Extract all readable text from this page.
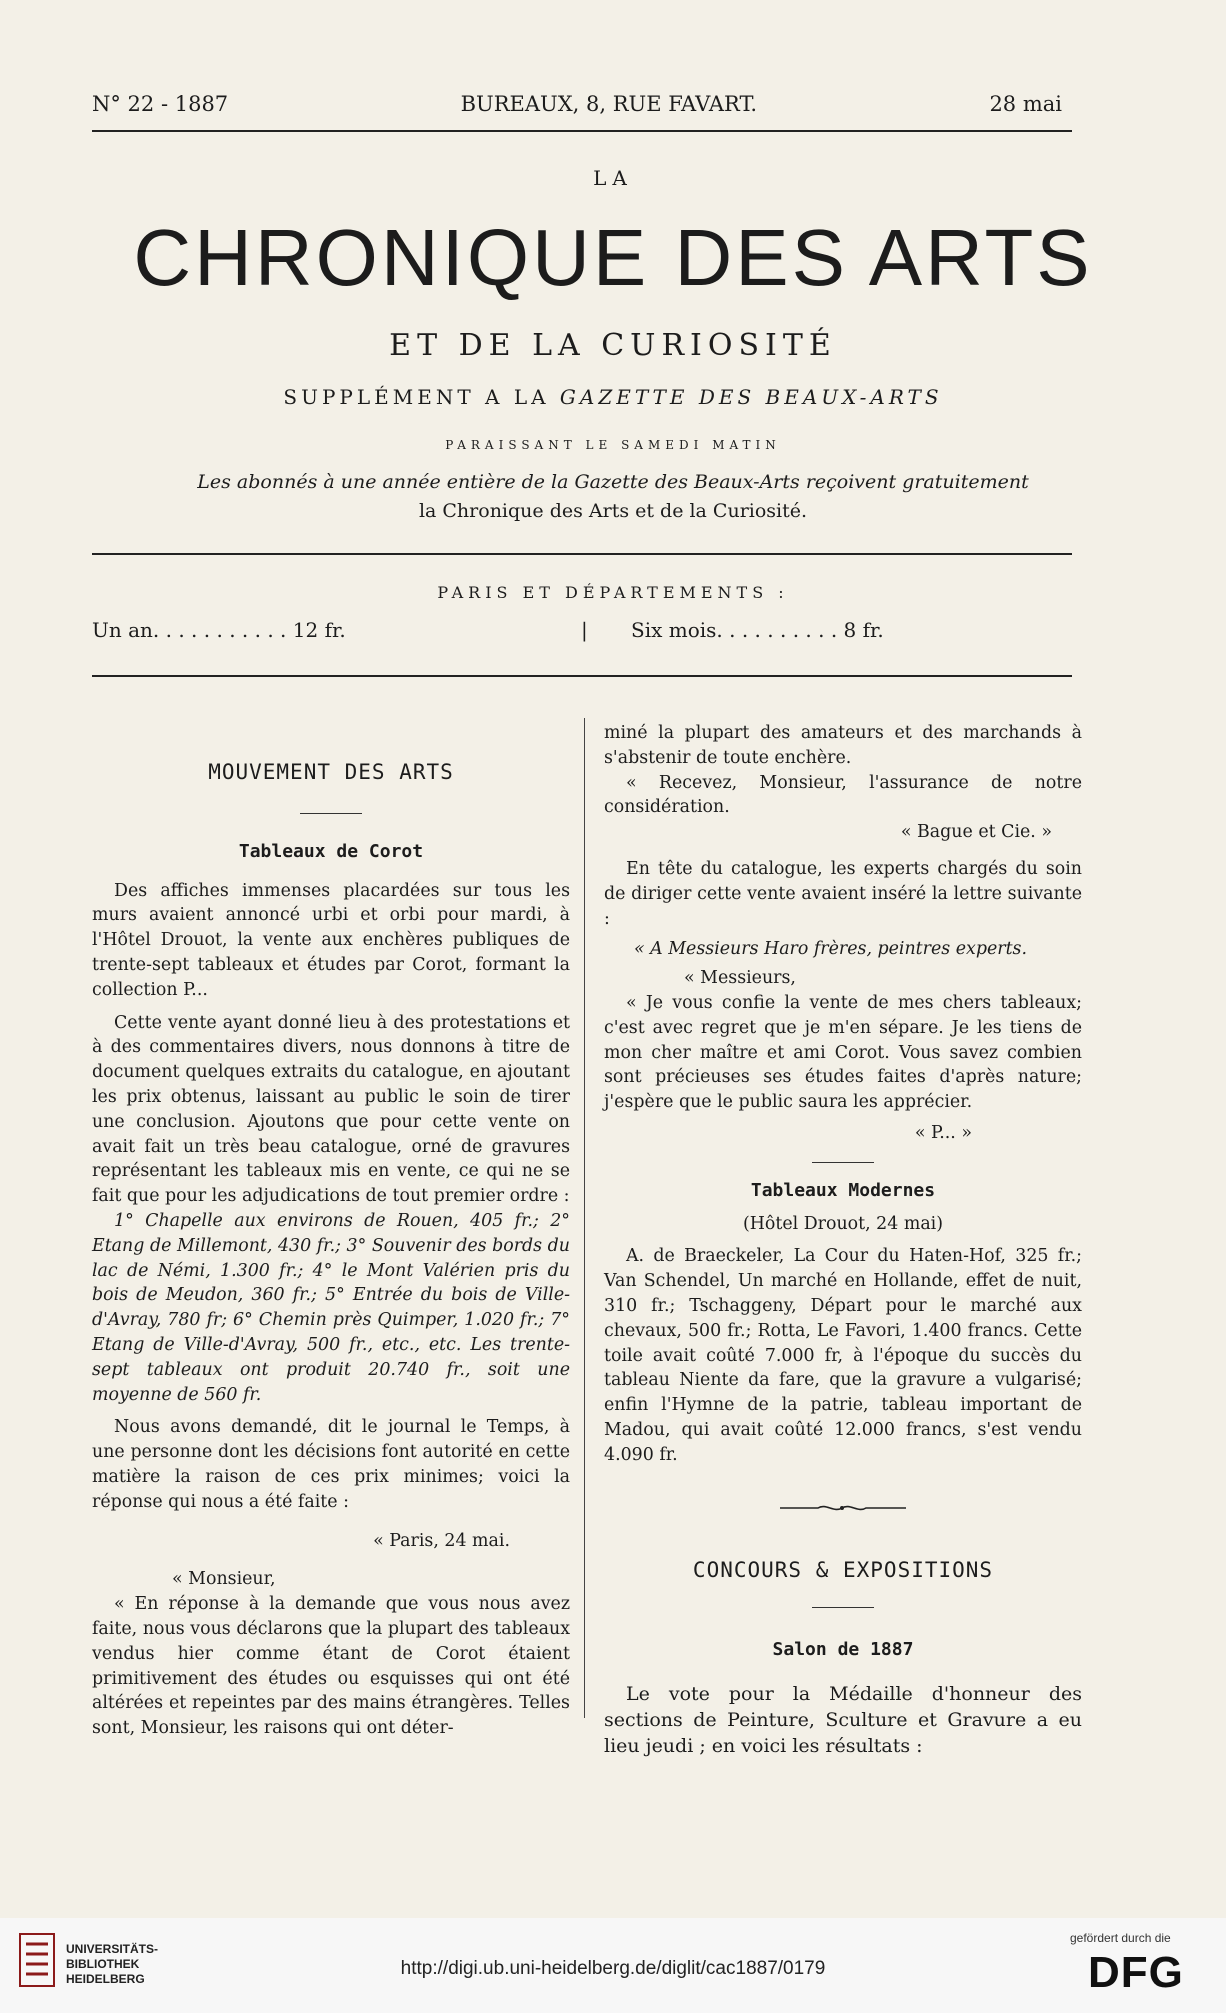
N° 22 - 1887	BUREAUX, 8, RUE FAVART.	28 mai
LA
CHRONIQUE DES ARTS
ET DE LA CURIOSITÉ
SUPPLÉMENT A LA GAZETTE DES BEAUX-ARTS
PARAISSANT LE SAMEDI MATIN
Les abonnés à une année entière de la Gazette des Beaux-Arts reçoivent gratuitement
la Chronique des Arts et de la Curiosité.
PARIS ET DÉPARTEMENTS :
Un an. . . . . . . . . . . 12 fr.	| Six mois. . . . . . . . . . 8 fr.
MOUVEMENT DES ARTS
Tableaux de Corot

Des affiches immenses placardées sur tous les murs avaient annoncé urbi et orbi pour mardi, à l'Hôtel Drouot, la vente aux enchères publiques de trente-sept tableaux et études par Corot, formant la collection P...

Cette vente ayant donné lieu à des protestations et à des commentaires divers, nous donnons à titre de document quelques extraits du catalogue, en ajoutant les prix obtenus, laissant au public le soin de tirer une conclusion. Ajoutons que pour cette vente on avait fait un très beau catalogue, orné de gravures représentant les tableaux mis en vente, ce qui ne se fait que pour les adjudications de tout premier ordre :

1° Chapelle aux environs de Rouen, 405 fr.; 2° Etang de Millemont, 430 fr.; 3° Souvenir des bords du lac de Némi, 1.300 fr.; 4° le Mont Valérien pris du bois de Meudon, 360 fr.; 5° Entrée du bois de Ville-d'Avray, 780 fr; 6° Chemin près Quimper, 1.020 fr.; 7° Etang de Ville-d'Avray, 500 fr., etc., etc. Les trente-sept tableaux ont produit 20.740 fr., soit une moyenne de 560 fr.

Nous avons demandé, dit le journal le Temps, à une personne dont les décisions font autorité en cette matière la raison de ces prix minimes; voici la réponse qui nous a été faite :

« Paris, 24 mai.

« Monsieur,

« En réponse à la demande que vous nous avez faite, nous vous déclarons que la plupart des tableaux vendus hier comme étant de Corot étaient primitivement des études ou esquisses qui ont été altérées et repeintes par des mains étrangères. Telles sont, Monsieur, les raisons qui ont déter-

miné la plupart des amateurs et des marchands à s'abstenir de toute enchère.

« Recevez, Monsieur, l'assurance de notre considération.

« Bague et Cie. »

En tête du catalogue, les experts chargés du soin de diriger cette vente avaient inséré la lettre suivante :

« A Messieurs Haro frères, peintres experts.

« Messieurs,

« Je vous confie la vente de mes chers tableaux; c'est avec regret que je m'en sépare. Je les tiens de mon cher maître et ami Corot. Vous savez combien sont précieuses ses études faites d'après nature; j'espère que le public saura les apprécier.

« P... »

Tableaux Modernes

(Hôtel Drouot, 24 mai)

A. de Braeckeler, La Cour du Haten-Hof, 325 fr.; Van Schendel, Un marché en Hollande, effet de nuit, 310 fr.; Tschaggeny, Départ pour le marché aux chevaux, 500 fr.; Rotta, Le Favori, 1.400 francs. Cette toile avait coûté 7.000 fr, à l'époque du succès du tableau Niente da fare, que la gravure a vulgarisé; enfin l'Hymne de la patrie, tableau important de Madou, qui avait coûté 12.000 francs, s'est vendu 4.090 fr.

CONCOURS & EXPOSITIONS
Salon de 1887

Le vote pour la Médaille d'honneur des sections de Peinture, Sculture et Gravure a eu lieu jeudi ; en voici les résultats :

UNIVERSITÄTS-
BIBLIOTHEK
HEIDELBERG	http://digi.ub.uni-heidelberg.de/diglit/cac1887/0179
gefördert durch die
DFG
